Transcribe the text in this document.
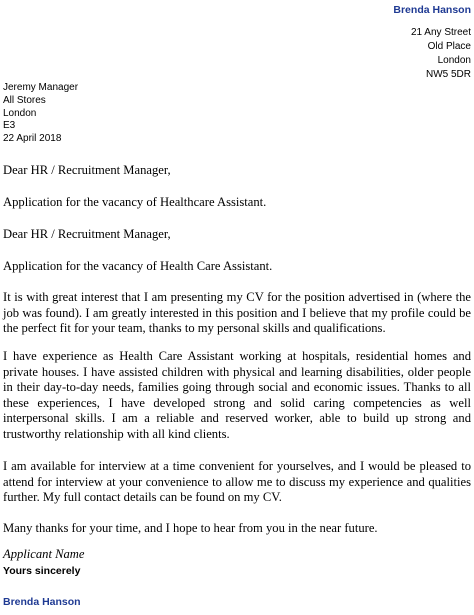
Brenda Hanson
21 Any Street
Old Place
London
NW5 5DR
Jeremy Manager
All Stores
London
E3
22 April 2018
Dear HR / Recruitment Manager,
Application for the vacancy of Healthcare Assistant.
Dear HR / Recruitment Manager,
Application for the vacancy of Health Care Assistant.
It is with great interest that I am presenting my CV for the position advertised in (where the job was found). I am greatly interested in this position and I believe that my profile could be the perfect fit for your team, thanks to my personal skills and qualifications.
I have experience as Health Care Assistant working at hospitals, residential homes and private houses. I have assisted children with physical and learning disabilities, older people in their day-to-day needs, families going through social and economic issues. Thanks to all these experiences, I have developed strong and solid caring competencies as well interpersonal skills. I am a reliable and reserved worker, able to build up strong and trustworthy relationship with all kind clients.
I am available for interview at a time convenient for yourselves, and I would be pleased to attend for interview at your convenience to allow me to discuss my experience and qualities further. My full contact details can be found on my CV.
Many thanks for your time, and I hope to hear from you in the near future.
Applicant Name
Yours sincerely
Brenda Hanson
